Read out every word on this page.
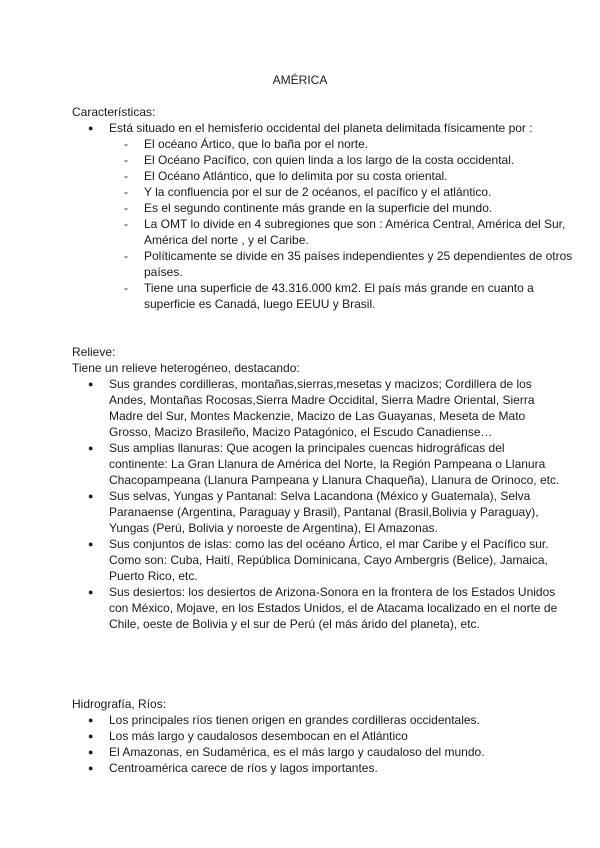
AMÉRICA

Características:

● Está situado en el hemisferio occidental del planeta delimitada físicamente por :
- El océano Ártico, que lo baña por el norte.
- El Océano Pacífico, con quien linda a los largo de la costa occidental.
- El Océano Atlántico, que lo delimita por su costa oriental.
- Y la confluencia por el sur de 2 océanos, el pacífico y el atlántico.
- Es el segundo continente más grande en la superficie del mundo.
- La OMT lo divide en 4 subregiones que son : América Central, América del Sur, América del norte , y el Caribe.
- Políticamente se divide en 35 países independientes y 25 dependientes de otros países.
- Tiene una superficie de 43.316.000 km2. El país más grande en cuanto a superficie es Canadá, luego EEUU y Brasil.

Relieve:

Tiene un relieve heterogéneo, destacando:

● Sus grandes cordilleras, montañas,sierras,mesetas y macizos; Cordillera de los Andes, Montañas Rocosas,Sierra Madre Occidital, Sierra Madre Oriental, Sierra Madre del Sur, Montes Mackenzie, Macizo de Las Guayanas, Meseta de Mato Grosso, Macizo Brasileño, Macizo Patagónico, el Escudo Canadiense…
● Sus amplias llanuras: Que acogen la principales cuencas hidrográficas del continente: La Gran Llanura de América del Norte, la Región Pampeana o Llanura Chacopampeana (Llanura Pampeana y Llanura Chaqueña), Llanura de Orinoco, etc.
● Sus selvas, Yungas y Pantanal: Selva Lacandona (México y Guatemala), Selva Paranaense (Argentina, Paraguay y Brasil), Pantanal (Brasil,Bolivia y Paraguay), Yungas (Perú, Bolivia y noroeste de Argentina), El Amazonas.
● Sus conjuntos de islas: como las del océano Ártico, el mar Caribe y el Pacífico sur. Como son: Cuba, Haití, República Dominicana, Cayo Ambergris (Belice), Jamaica, Puerto Rico, etc.
● Sus desiertos: los desiertos de Arizona-Sonora en la frontera de los Estados Unidos con México, Mojave, en los Estados Unidos, el de Atacama localizado en el norte de Chile, oeste de Bolivia y el sur de Perú (el más árido del planeta), etc.

Hidrografía, Ríos:

● Los principales ríos tienen origen en grandes cordilleras occidentales.
● Los más largo y caudalosos desembocan en el Atlántico
● El Amazonas, en Sudamérica, es el más largo y caudaloso del mundo.
● Centroamérica carece de ríos y lagos importantes.
